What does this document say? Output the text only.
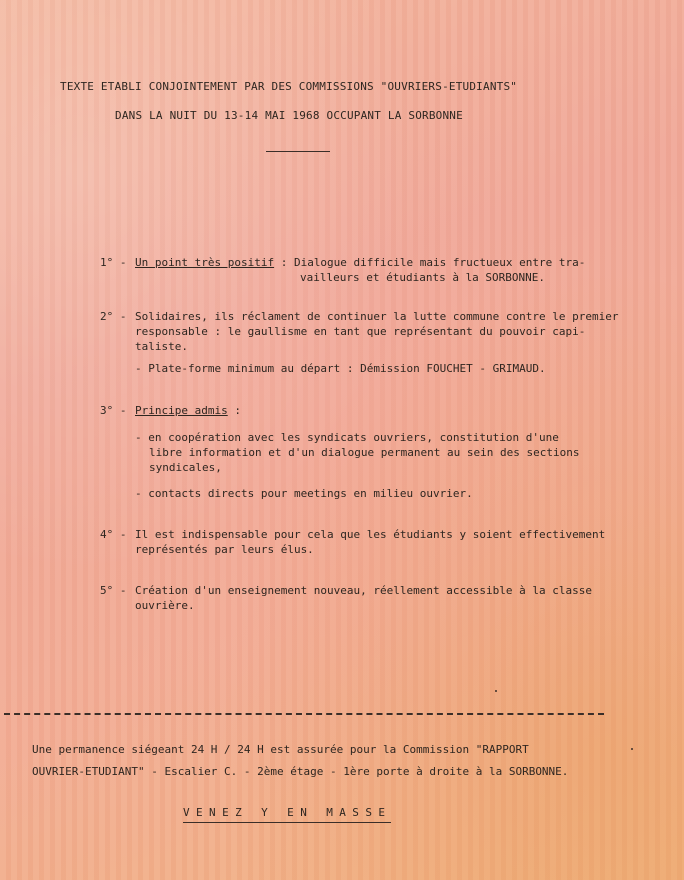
TEXTE ETABLI CONJOINTEMENT PAR DES COMMISSIONS "OUVRIERS-ETUDIANTS"
DANS LA NUIT DU 13-14 MAI 1968 OCCUPANT LA SORBONNE
1° - Un point très positif : Dialogue difficile mais fructueux entre tra-
vailleurs et étudiants à la SORBONNE.
2° - Solidaires, ils réclament de continuer la lutte commune contre le premier
responsable : le gaullisme en tant que représentant du pouvoir capi-
taliste.
- Plate-forme minimum au départ : Démission FOUCHET - GRIMAUD.
3° - Principe admis :
- en coopération avec les syndicats ouvriers, constitution d'une
libre information et d'un dialogue permanent au sein des sections
syndicales,
- contacts directs pour meetings en milieu ouvrier.
4° - Il est indispensable pour cela que les étudiants y soient effectivement
représentés par leurs élus.
5° - Création d'un enseignement nouveau, réellement accessible à la classe
ouvrière.
Une permanence siégeant 24 H / 24 H est assurée pour la Commission "RAPPORT
OUVRIER-ETUDIANT" - Escalier C. - 2ème étage - 1ère porte à droite à la SORBONNE.
VENEZ Y EN MASSE
